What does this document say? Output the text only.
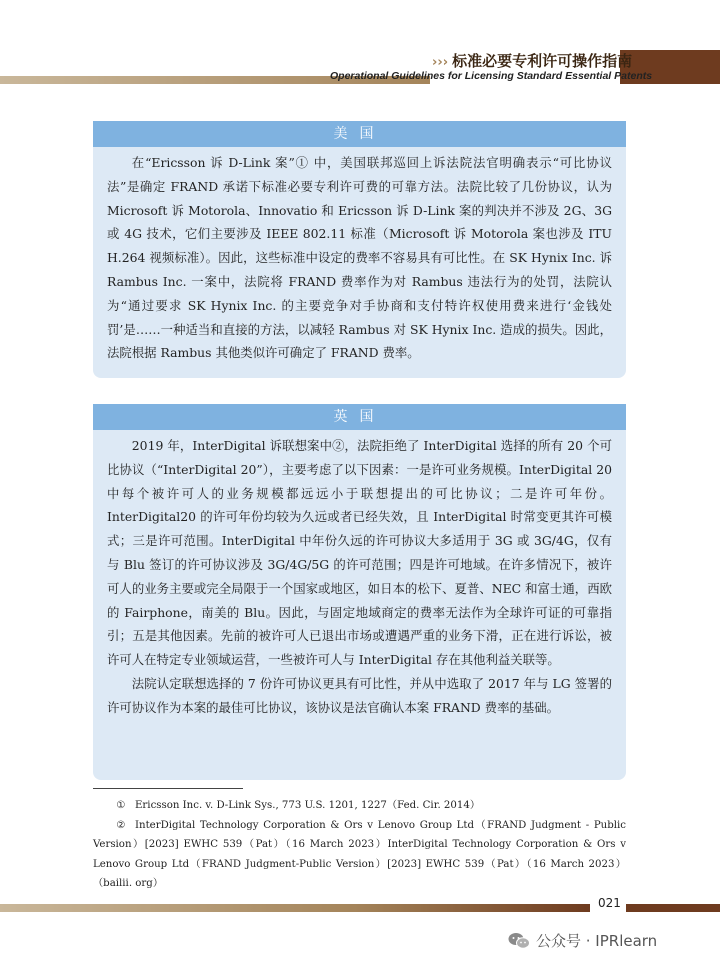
››› 标准必要专利许可操作指南
Operational Guidelines for Licensing Standard Essential Patents
美国

在“Ericsson 诉 D-Link 案”① 中，美国联邦巡回上诉法院法官明确表示“可比协议法”是确定 FRAND 承诺下标准必要专利许可费的可靠方法。法院比较了几份协议，认为 Microsoft 诉 Motorola、Innovatio 和 Ericsson 诉 D-Link 案的判决并不涉及 2G、3G 或 4G 技术，它们主要涉及 IEEE 802.11 标准（Microsoft 诉 Motorola 案也涉及 ITU H.264 视频标准）。因此，这些标准中设定的费率不容易具有可比性。在 SK Hynix Inc. 诉 Rambus Inc. 一案中，法院将 FRAND 费率作为对 Rambus 违法行为的处罚，法院认为“通过要求 SK Hynix Inc. 的主要竞争对手协商和支付特许权使用费来进行‘金钱处罚’是……一种适当和直接的方法，以减轻 Rambus 对 SK Hynix Inc. 造成的损失。因此，法院根据 Rambus 其他类似许可确定了 FRAND 费率。

英国

2019 年，InterDigital 诉联想案中②，法院拒绝了 InterDigital 选择的所有 20 个可比协议（“InterDigital 20”），主要考虑了以下因素：一是许可业务规模。InterDigital 20 中每个被许可人的业务规模都远远小于联想提出的可比协议；二是许可年份。InterDigital20 的许可年份均较为久远或者已经失效，且 InterDigital 时常变更其许可模式；三是许可范围。InterDigital 中年份久远的许可协议大多适用于 3G 或 3G/4G，仅有与 Blu 签订的许可协议涉及 3G/4G/5G 的许可范围；四是许可地域。在许多情况下，被许可人的业务主要或完全局限于一个国家或地区，如日本的松下、夏普、NEC 和富士通，西欧的 Fairphone，南美的 Blu。因此，与固定地域商定的费率无法作为全球许可证的可靠指引；五是其他因素。先前的被许可人已退出市场或遭遇严重的业务下滑，正在进行诉讼，被许可人在特定专业领域运营，一些被许可人与 InterDigital 存在其他利益关联等。

法院认定联想选择的 7 份许可协议更具有可比性，并从中选取了 2017 年与 LG 签署的许可协议作为本案的最佳可比协议，该协议是法官确认本案 FRAND 费率的基础。

① Ericsson Inc. v. D-Link Sys., 773 U.S. 1201, 1227（Fed. Cir. 2014）

② InterDigital Technology Corporation & Ors v Lenovo Group Ltd（FRAND Judgment - Public Version）[2023] EWHC 539（Pat）（16 March 2023）InterDigital Technology Corporation & Ors v Lenovo Group Ltd（FRAND Judgment-Public Version）[2023] EWHC 539（Pat）（16 March 2023）（bailii. org）

021
公众号 · IPRlearn
